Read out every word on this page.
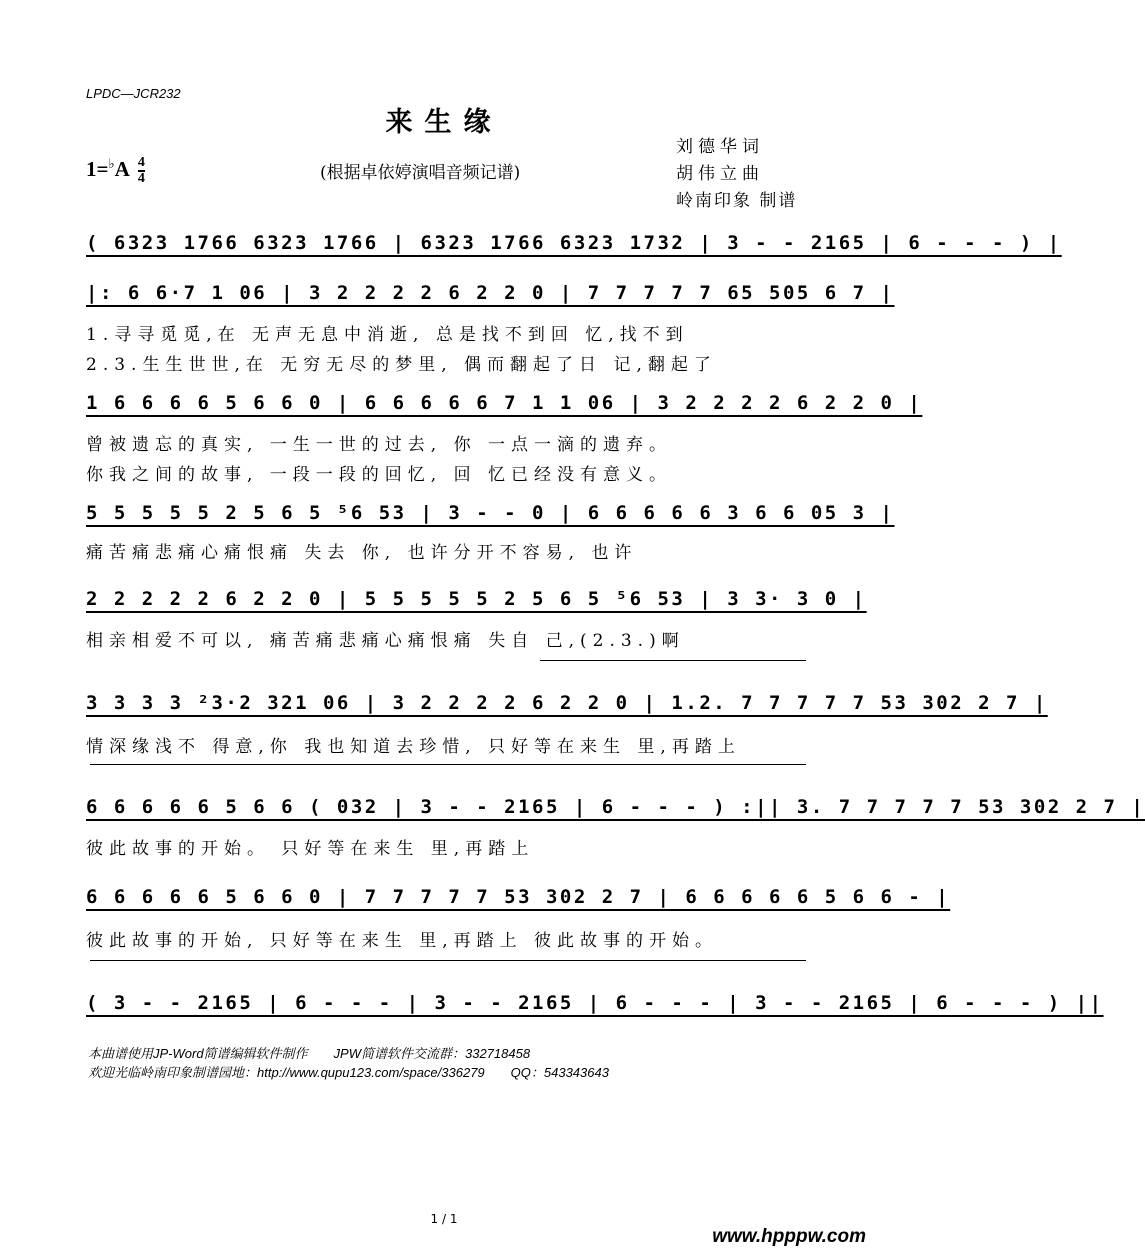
LPDC—JCR232
来生缘
$1=^♭A \frac{4}{4}$	(根据卓依婷演唱音频记谱)
刘德华词
胡伟立曲
岭南印象 制谱
( 6323 1766 6323 1766 | 6323 1766 6323 1732 | 3 - - 2165 | 6 - - - ) |
|: 6 6·7 1 06 | 3 2 2 2 2 6 2 2 0 | 7 7 7 7 7 65 505 6 7 |
1.寻寻觅觅,在 无声无息中消逝, 总是找不到回 忆,找不到
2.3.生生世世,在 无穷无尽的梦里, 偶而翻起了日 记,翻起了
1 6 6 6 6 5 6 6 0 | 6 6 6 6 6 7 1 1 06 | 3 2 2 2 2 6 2 2 0 |
曾被遗忘的真实, 一生一世的过去, 你 一点一滴的遗弃。
你我之间的故事, 一段一段的回忆, 回 忆已经没有意义。
5 5 5 5 5 2 5 6 5 ⁵6 53 | 3 - - 0 | 6 6 6 6 6 3 6 6 05 3 |
痛苦痛悲痛心痛恨痛 失去 你, 也许分开不容易, 也许
2 2 2 2 2 6 2 2 0 | 5 5 5 5 5 2 5 6 5 ⁵6 53 | 3 3· 3 0 |
相亲相爱不可以, 痛苦痛悲痛心痛恨痛 失自 己,(2.3.)啊
3 3 3 3 ²3·2 321 06 | 3 2 2 2 2 6 2 2 0 | 1.2. 7 7 7 7 7 53 302 2 7 |
情深缘浅不 得意,你 我也知道去珍惜, 只好等在来生 里,再踏上
6 6 6 6 6 5 6 6 ( 032 | 3 - - 2165 | 6 - - - ) :|| 3. 7 7 7 7 7 53 302 2 7 |
彼此故事的开始。 只好等在来生 里,再踏上
6 6 6 6 6 5 6 6 0 | 7 7 7 7 7 53 302 2 7 | 6 6 6 6 6 5 6 6 - |
彼此故事的开始, 只好等在来生 里,再踏上 彼此故事的开始。
( 3 - - 2165 | 6 - - - | 3 - - 2165 | 6 - - - | 3 - - 2165 | 6 - - - ) ||
本曲谱使用JP-Word简谱编辑软件制作　　JPW简谱软件交流群：332718458
欢迎光临岭南印象制谱园地：http://www.qupu123.com/space/336279　　QQ：543343643
1 / 1
www.hpppw.com
